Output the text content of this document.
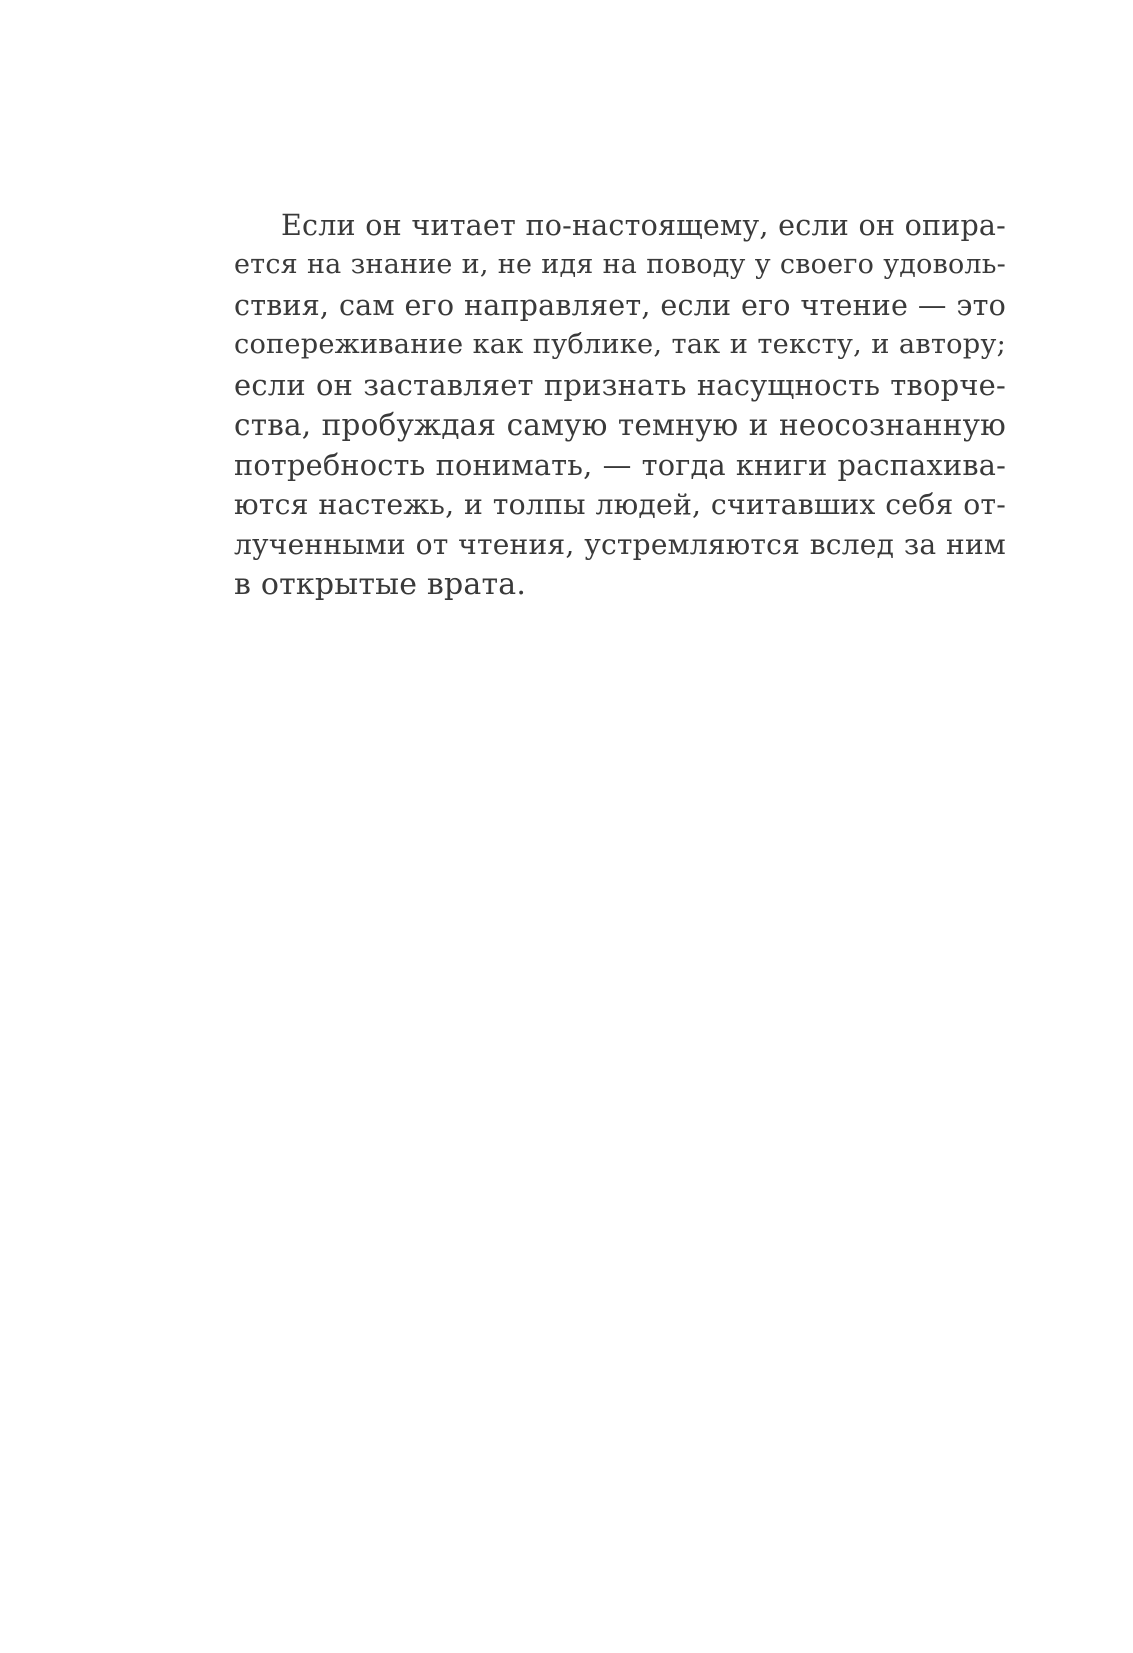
Если он читает по-настоящему, если он опира-
ется на знание и, не идя на поводу у своего удоволь-
ствия, сам его направляет, если его чтение — это
сопереживание как публике, так и тексту, и автору;
если он заставляет признать насущность творче-
ства, пробуждая самую темную и неосознанную
потребность понимать, — тогда книги распахива-
ются настежь, и толпы людей, считавших себя от-
лученными от чтения, устремляются вслед за ним
в открытые врата.
